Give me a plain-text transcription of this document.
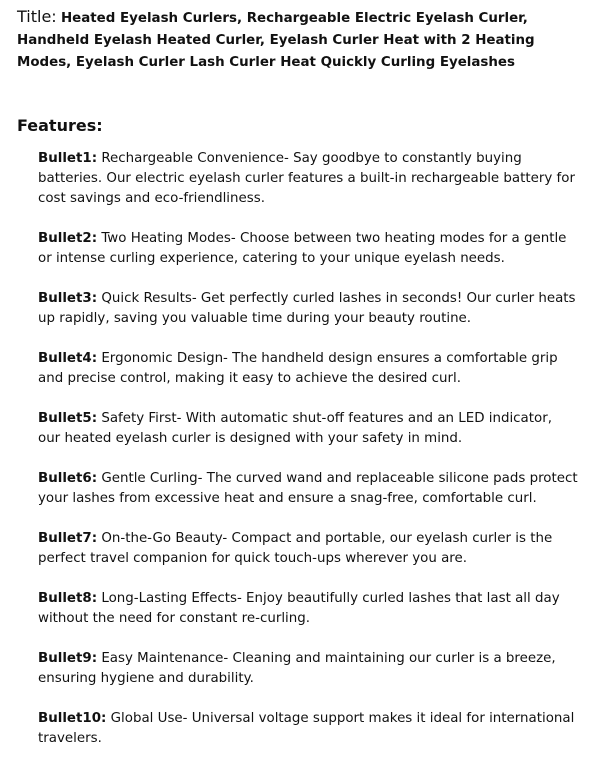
Title: Heated Eyelash Curlers, Rechargeable Electric Eyelash Curler, Handheld Eyelash Heated Curler, Eyelash Curler Heat with 2 Heating Modes, Eyelash Curler Lash Curler Heat Quickly Curling Eyelashes
Features:

Bullet1: Rechargeable Convenience- Say goodbye to constantly buying batteries. Our electric eyelash curler features a built-in rechargeable battery for cost savings and eco-friendliness.

Bullet2: Two Heating Modes- Choose between two heating modes for a gentle or intense curling experience, catering to your unique eyelash needs.

Bullet3: Quick Results- Get perfectly curled lashes in seconds! Our curler heats up rapidly, saving you valuable time during your beauty routine.

Bullet4: Ergonomic Design- The handheld design ensures a comfortable grip and precise control, making it easy to achieve the desired curl.

Bullet5: Safety First- With automatic shut-off features and an LED indicator, our heated eyelash curler is designed with your safety in mind.

Bullet6: Gentle Curling- The curved wand and replaceable silicone pads protect your lashes from excessive heat and ensure a snag-free, comfortable curl.

Bullet7: On-the-Go Beauty- Compact and portable, our eyelash curler is the perfect travel companion for quick touch-ups wherever you are.

Bullet8: Long-Lasting Effects- Enjoy beautifully curled lashes that last all day without the need for constant re-curling.

Bullet9: Easy Maintenance- Cleaning and maintaining our curler is a breeze, ensuring hygiene and durability.

Bullet10: Global Use- Universal voltage support makes it ideal for international travelers.
